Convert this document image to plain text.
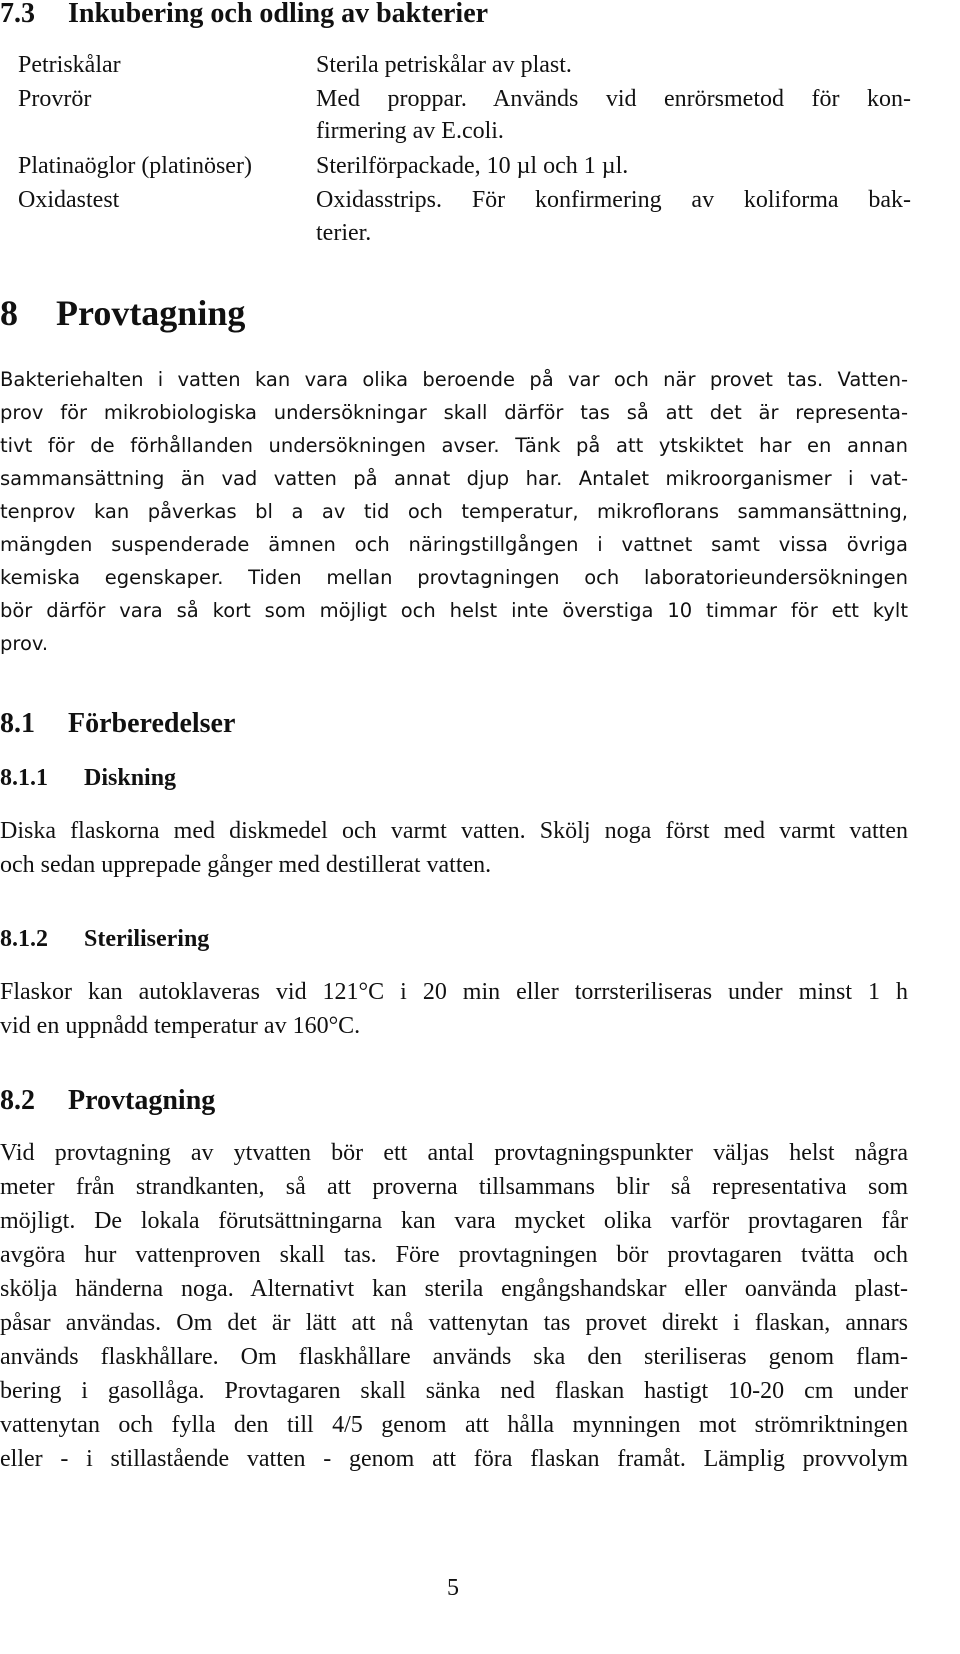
7.3 Inkubering och odling av bakterier
Petriskålar	Sterila petriskålar av plast.
Provrör	Med proppar. Används vid enrörsmetod för kon-
firmering av E.coli.
Platinaöglor (platinöser)	Sterilförpackade, 10 µl och 1 µl.
Oxidastest	Oxidasstrips. För konfirmering av koliforma bak-
terier.
8 Provtagning
Bakteriehalten i vatten kan vara olika beroende på var och när provet tas. Vatten-
prov för mikrobiologiska undersökningar skall därför tas så att det är representa-
tivt för de förhållanden undersökningen avser. Tänk på att ytskiktet har en annan
sammansättning än vad vatten på annat djup har. Antalet mikroorganismer i vat-
tenprov kan påverkas bl a av tid och temperatur, mikroflorans sammansättning,
mängden suspenderade ämnen och näringstillgången i vattnet samt vissa övriga
kemiska egenskaper. Tiden mellan provtagningen och laboratorieundersökningen
bör därför vara så kort som möjligt och helst inte överstiga 10 timmar för ett kylt
prov.
8.1 Förberedelser
8.1.1 Diskning
Diska flaskorna med diskmedel och varmt vatten. Skölj noga först med varmt vatten
och sedan upprepade gånger med destillerat vatten.
8.1.2 Sterilisering
Flaskor kan autoklaveras vid 121°C i 20 min eller torrsteriliseras under minst 1 h
vid en uppnådd temperatur av 160°C.
8.2 Provtagning
Vid provtagning av ytvatten bör ett antal provtagningspunkter väljas helst några
meter från strandkanten, så att proverna tillsammans blir så representativa som
möjligt. De lokala förutsättningarna kan vara mycket olika varför provtagaren får
avgöra hur vattenproven skall tas. Före provtagningen bör provtagaren tvätta och
skölja händerna noga. Alternativt kan sterila engångshandskar eller oanvända plast-
påsar användas. Om det är lätt att nå vattenytan tas provet direkt i flaskan, annars
används flaskhållare. Om flaskhållare används ska den steriliseras genom flam-
bering i gasollåga. Provtagaren skall sänka ned flaskan hastigt 10-20 cm under
vattenytan och fylla den till 4/5 genom att hålla mynningen mot strömriktningen
eller - i stillastående vatten - genom att föra flaskan framåt. Lämplig provvolym
5
